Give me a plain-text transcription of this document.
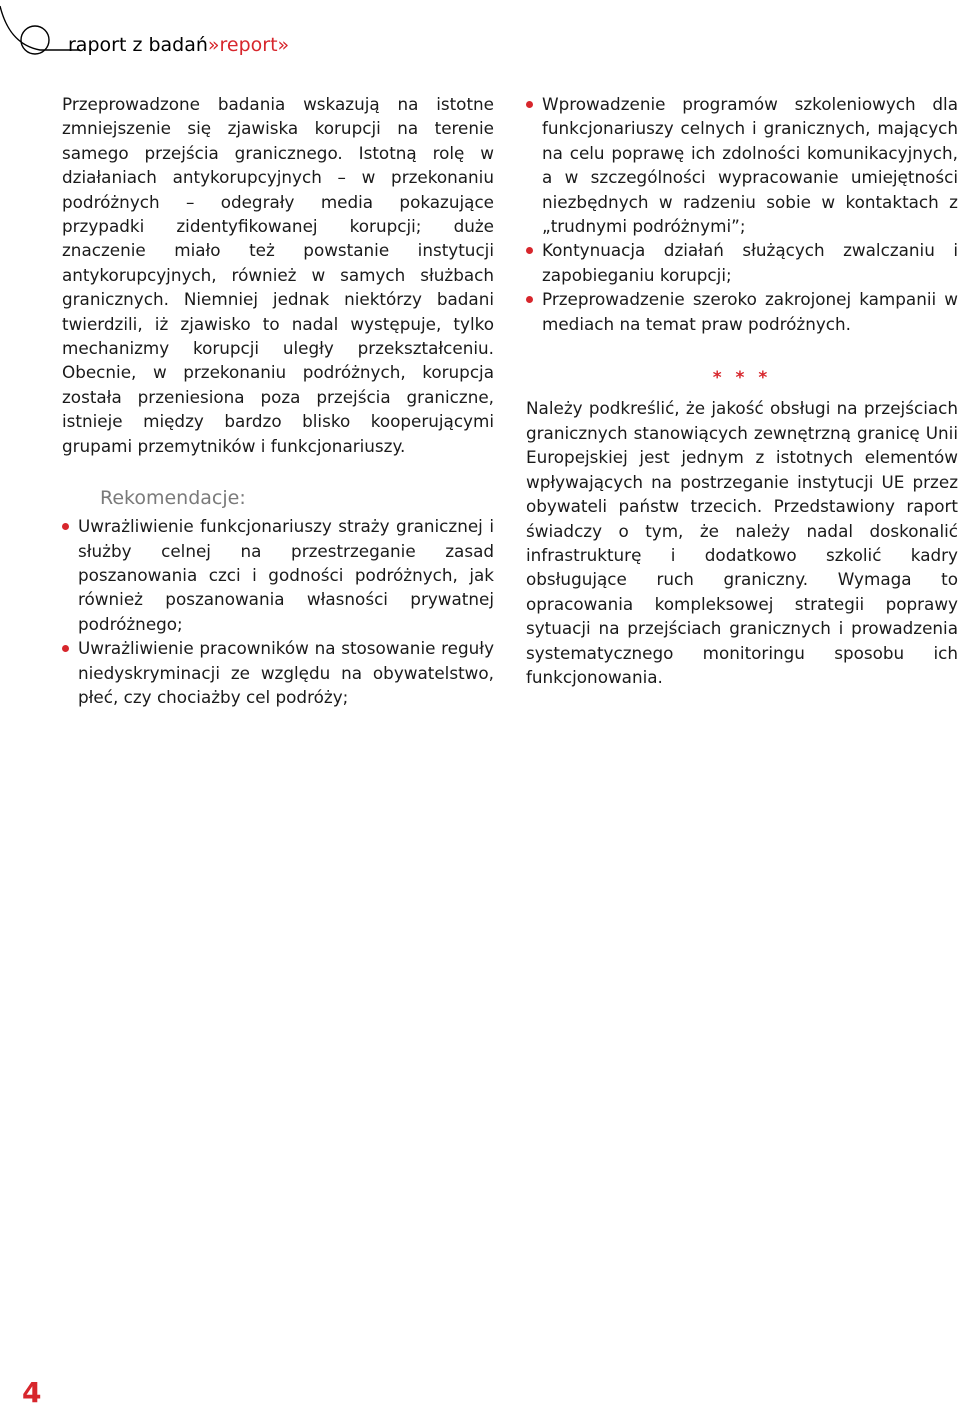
raport z badań»report»

Przeprowadzone badania wskazują na istotne zmniejszenie się zjawiska korupcji na terenie samego przejścia granicznego. Istotną rolę w działaniach antykorupcyjnych – w przekonaniu podróżnych – odegrały media pokazujące przypadki zidentyfikowanej korupcji; duże znaczenie miało też powstanie instytucji antykorupcyjnych, również w samych służbach granicznych. Niemniej jednak niektórzy badani twierdzili, iż zjawisko to nadal występuje, tylko mechanizmy korupcji uległy przekształceniu. Obecnie, w przekonaniu podróżnych, korupcja została przeniesiona poza przejścia graniczne, istnieje między bardzo blisko kooperującymi grupami przemytników i funkcjonariuszy.

Rekomendacje:
Uwrażliwienie funkcjonariuszy straży granicznej i służby celnej na przestrzeganie zasad poszanowania czci i godności podróżnych, jak również poszanowania własności prywatnej podróżnego;
Uwrażliwienie pracowników na stosowanie reguły niedyskryminacji ze względu na obywatelstwo, płeć, czy chociażby cel podróży;
Wprowadzenie programów szkoleniowych dla funkcjonariuszy celnych i granicznych, mających na celu poprawę ich zdolności komunikacyjnych, a w szczególności wypracowanie umiejętności niezbędnych w radzeniu sobie w kontaktach z „trudnymi podróżnymi”;
Kontynuacja działań służących zwalczaniu i zapobieganiu korupcji;
Przeprowadzenie szeroko zakrojonej kampanii w mediach na temat praw podróżnych.
* * *

Należy podkreślić, że jakość obsługi na przejściach granicznych stanowiących zewnętrzną granicę Unii Europejskiej jest jednym z istotnych elementów wpływających na postrzeganie instytucji UE przez obywateli państw trzecich. Przedstawiony raport świadczy o tym, że należy nadal doskonalić infrastrukturę i dodatkowo szkolić kadry obsługujące ruch graniczny. Wymaga to opracowania kompleksowej strategii poprawy sytuacji na przejściach granicznych i prowadzenia systematycznego monitoringu sposobu ich funkcjonowania.

4
